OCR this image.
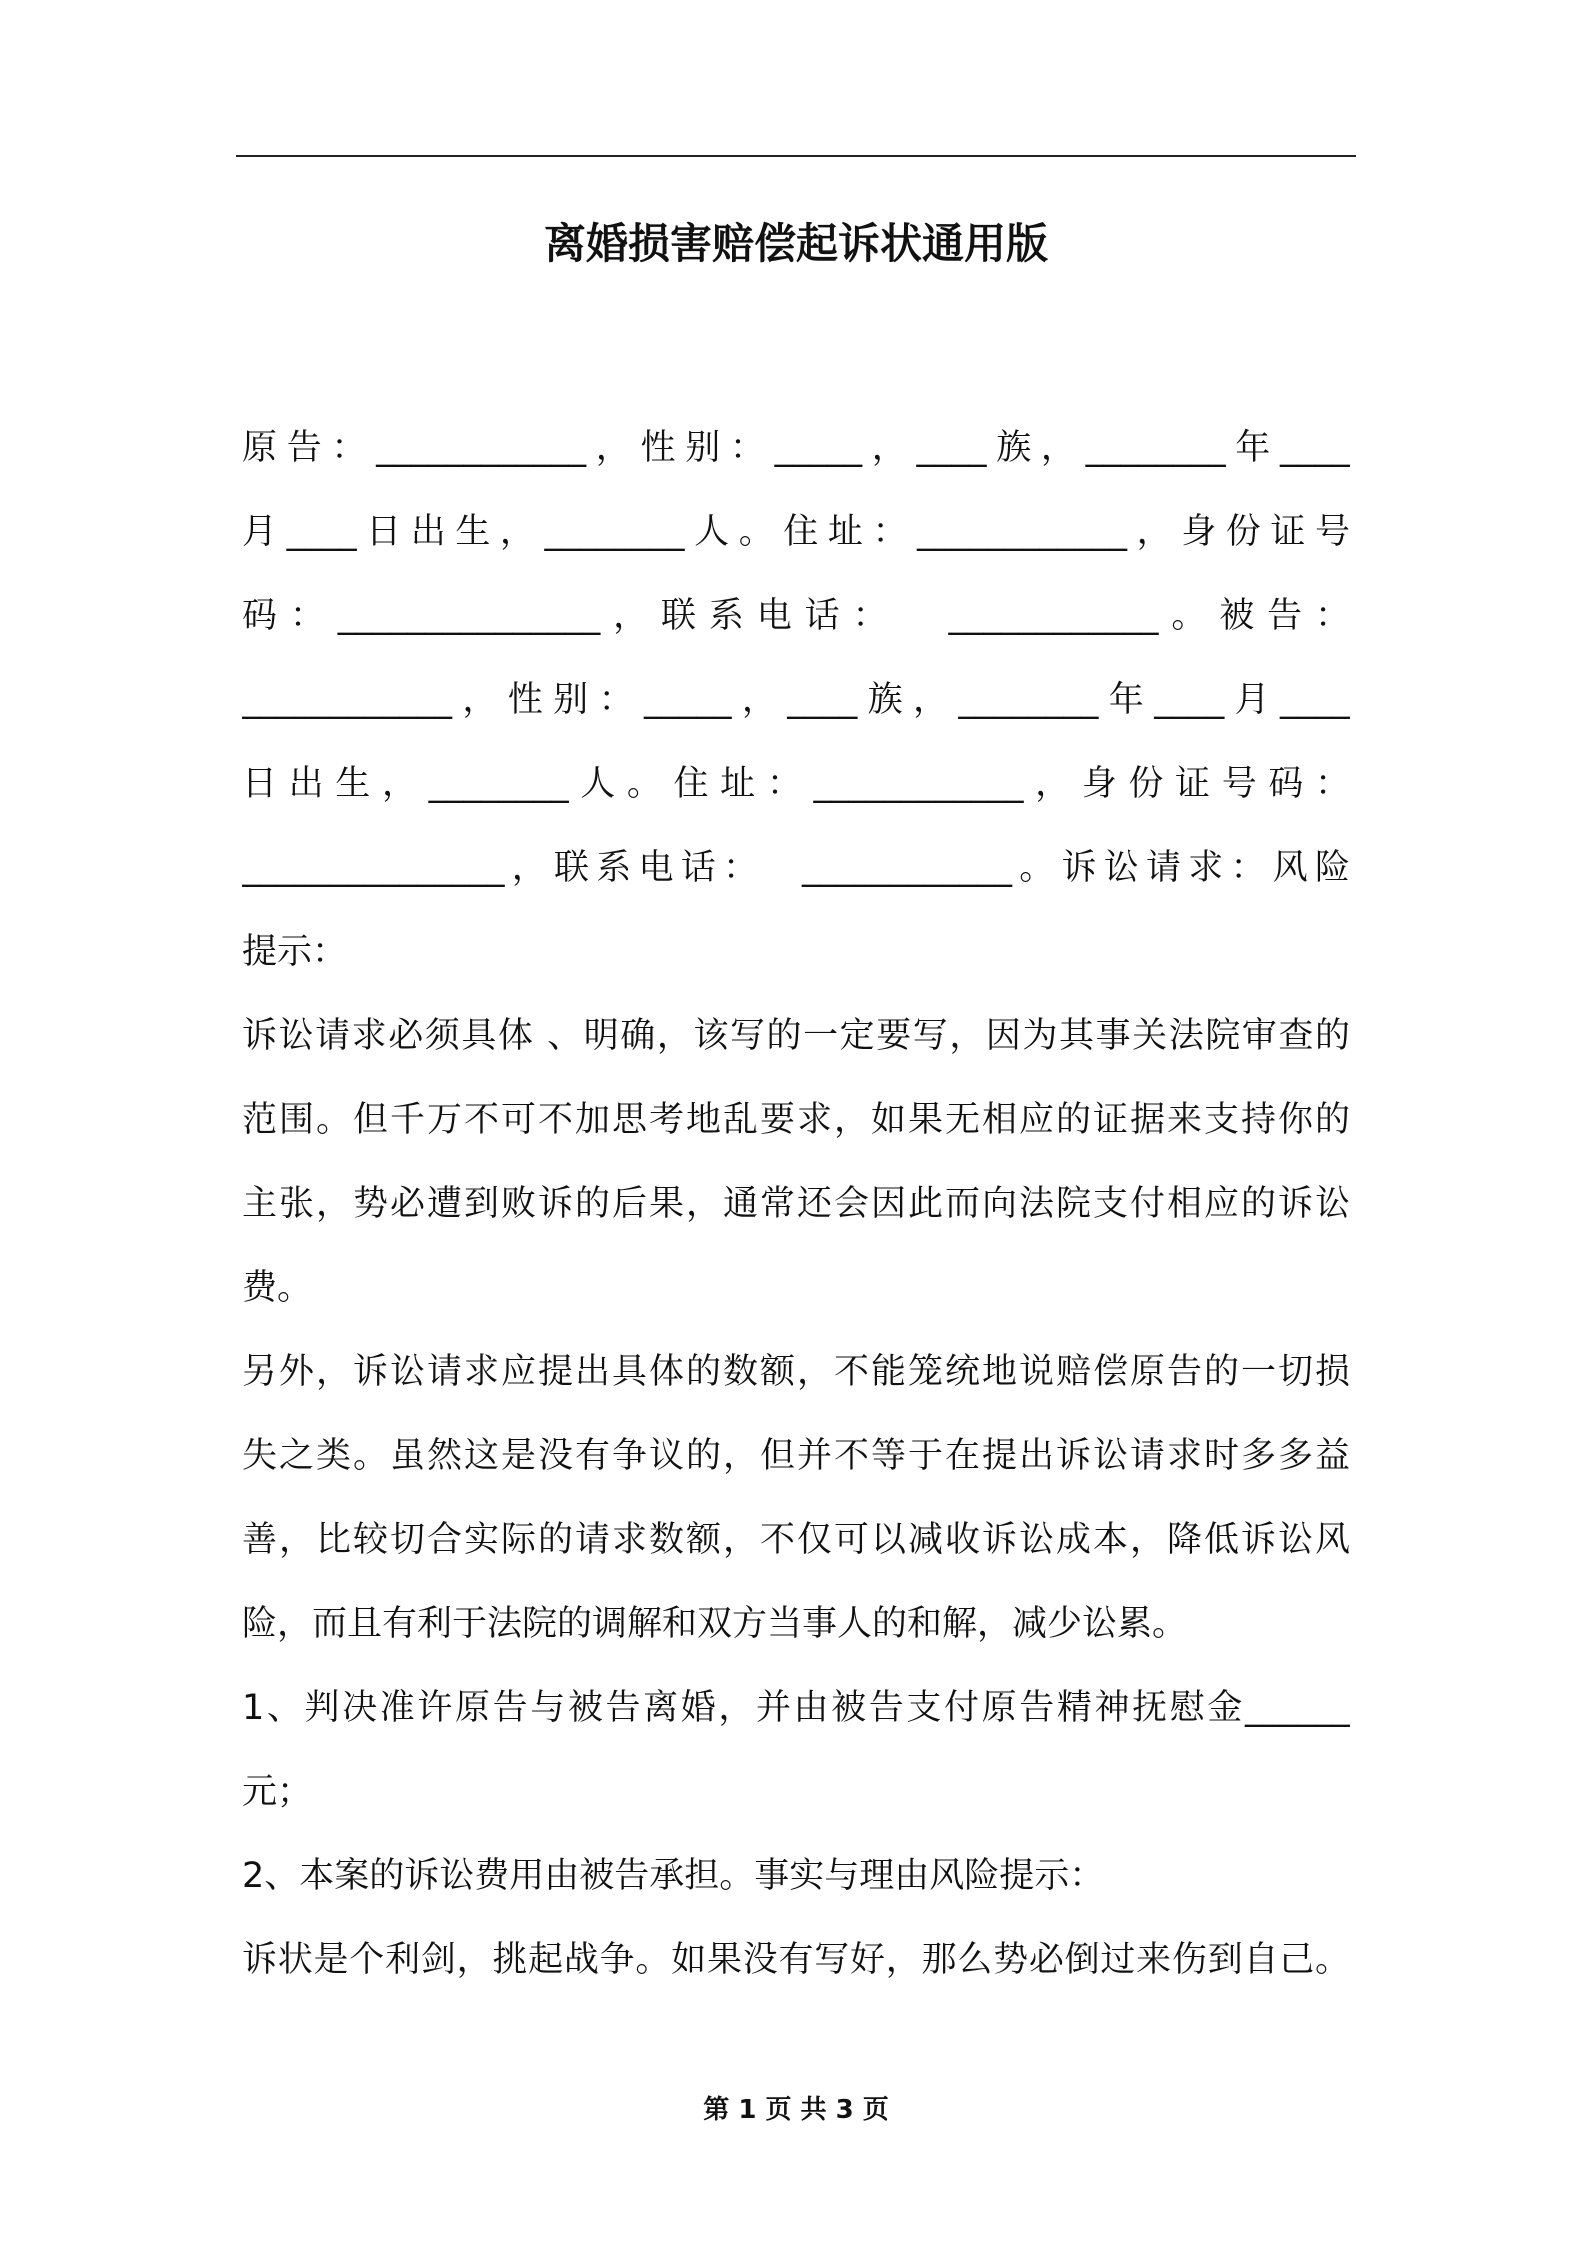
离婚损害赔偿起诉状通用版
原告：____________，性别：_____，____族，________年____
月____日出生，________人。住址：____________，身份证号
码：_______________，联系电话：  ____________。被告：
____________，性别：_____，____族，________年____月____
日出生，________人。住址：____________，身份证号码：
_______________，联系电话：  ____________。诉讼请求：风险
提示：
诉讼请求必须具体 、明确，该写的一定要写，因为其事关法院审查的
范围。但千万不可不加思考地乱要求，如果无相应的证据来支持你的
主张，势必遭到败诉的后果，通常还会因此而向法院支付相应的诉讼
费。
另外，诉讼请求应提出具体的数额，不能笼统地说赔偿原告的一切损
失之类。虽然这是没有争议的，但并不等于在提出诉讼请求时多多益
善，比较切合实际的请求数额，不仅可以减收诉讼成本，降低诉讼风
险，而且有利于法院的调解和双方当事人的和解，减少讼累。
1、判决准许原告与被告离婚，并由被告支付原告精神抚慰金______
元；
2、本案的诉讼费用由被告承担。事实与理由风险提示：
诉状是个利剑，挑起战争。如果没有写好，那么势必倒过来伤到自己。
第 1 页 共 3 页
